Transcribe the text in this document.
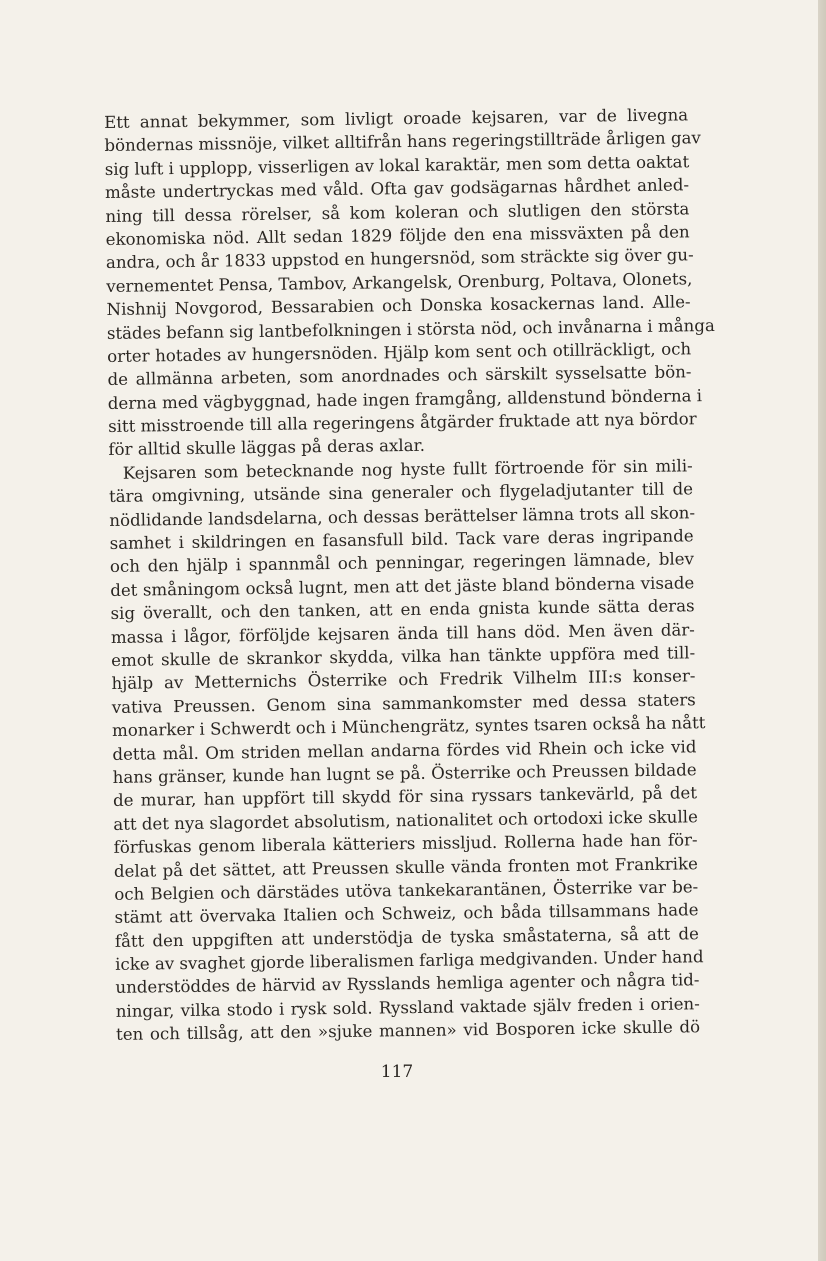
Ett annat bekymmer, som livligt oroade kejsaren, var de livegna
böndernas missnöje, vilket alltifrån hans regeringstillträde årligen gav
sig luft i upplopp, visserligen av lokal karaktär, men som detta oaktat
måste undertryckas med våld. Ofta gav godsägarnas hårdhet anled-
ning till dessa rörelser, så kom koleran och slutligen den största
ekonomiska nöd. Allt sedan 1829 följde den ena missväxten på den
andra, och år 1833 uppstod en hungersnöd, som sträckte sig över gu-
vernementet Pensa, Tambov, Arkangelsk, Orenburg, Poltava, Olonets,
Nishnij Novgorod, Bessarabien och Donska kosackernas land. Alle-
städes befann sig lantbefolkningen i största nöd, och invånarna i många
orter hotades av hungersnöden. Hjälp kom sent och otillräckligt, och
de allmänna arbeten, som anordnades och särskilt sysselsatte bön-
derna med vägbyggnad, hade ingen framgång, alldenstund bönderna i
sitt misstroende till alla regeringens åtgärder fruktade att nya bördor
för alltid skulle läggas på deras axlar.
Kejsaren som betecknande nog hyste fullt förtroende för sin mili-
tära omgivning, utsände sina generaler och flygeladjutanter till de
nödlidande landsdelarna, och dessas berättelser lämna trots all skon-
samhet i skildringen en fasansfull bild. Tack vare deras ingripande
och den hjälp i spannmål och penningar, regeringen lämnade, blev
det småningom också lugnt, men att det jäste bland bönderna visade
sig överallt, och den tanken, att en enda gnista kunde sätta deras
massa i lågor, förföljde kejsaren ända till hans död. Men även där-
emot skulle de skrankor skydda, vilka han tänkte uppföra med till-
hjälp av Metternichs Österrike och Fredrik Vilhelm III:s konser-
vativa Preussen. Genom sina sammankomster med dessa staters
monarker i Schwerdt och i Münchengrätz, syntes tsaren också ha nått
detta mål. Om striden mellan andarna fördes vid Rhein och icke vid
hans gränser, kunde han lugnt se på. Österrike och Preussen bildade
de murar, han uppfört till skydd för sina ryssars tankevärld, på det
att det nya slagordet absolutism, nationalitet och ortodoxi icke skulle
förfuskas genom liberala kätteriers missljud. Rollerna hade han för-
delat på det sättet, att Preussen skulle vända fronten mot Frankrike
och Belgien och därstädes utöva tankekarantänen, Österrike var be-
stämt att övervaka Italien och Schweiz, och båda tillsammans hade
fått den uppgiften att understödja de tyska småstaterna, så att de
icke av svaghet gjorde liberalismen farliga medgivanden. Under hand
understöddes de härvid av Rysslands hemliga agenter och några tid-
ningar, vilka stodo i rysk sold. Ryssland vaktade själv freden i orien-
ten och tillsåg, att den »sjuke mannen» vid Bosporen icke skulle dö
117
